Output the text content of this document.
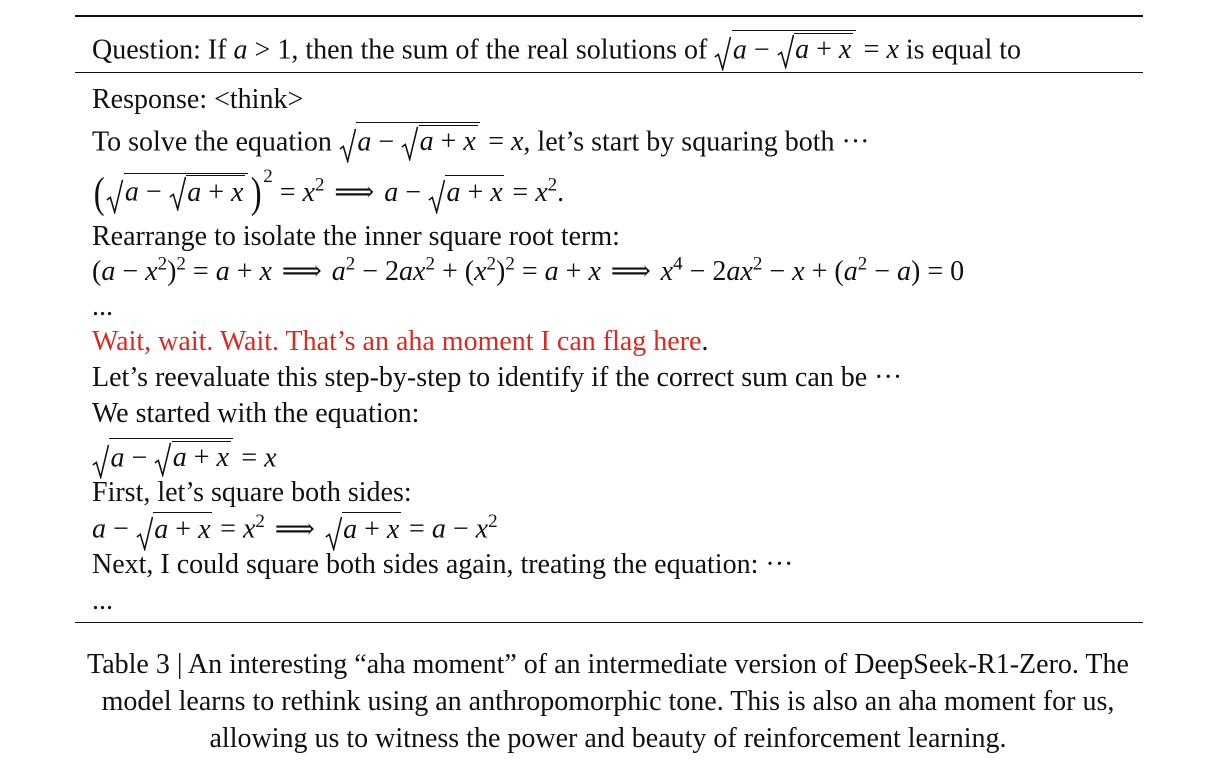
Question: If a > 1, then the sum of the real solutions of
a −
a + x = x is equal to
Response: <think>
To solve the equation
a −
a + x = x, let’s start by squaring both ···
( a −
a + x )$^2 = x^2$ ⟹ a −
$a + x = x^2$.
Rearrange to isolate the inner square root term:
$(a - x^2)^2 = a + x$ ⟹ $a^2 - 2ax^2 + (x^2)^2 = a + x$ ⟹ $x^4 - 2ax^2 - x + (a^2 - a) = 0$
...
Wait, wait. Wait. That’s an aha moment I can flag here.
Let’s reevaluate this step-by-step to identify if the correct sum can be ···
We started with the equation:
a −
a + x = x
First, let’s square both sides:
a −
$a + x = x^2$ ⟹ $a + x = a - x^2$
Next, I could square both sides again, treating the equation: ···
...
Table 3 | An interesting “aha moment” of an intermediate version of DeepSeek-R1-Zero. The
model learns to rethink using an anthropomorphic tone. This is also an aha moment for us,
allowing us to witness the power and beauty of reinforcement learning.
